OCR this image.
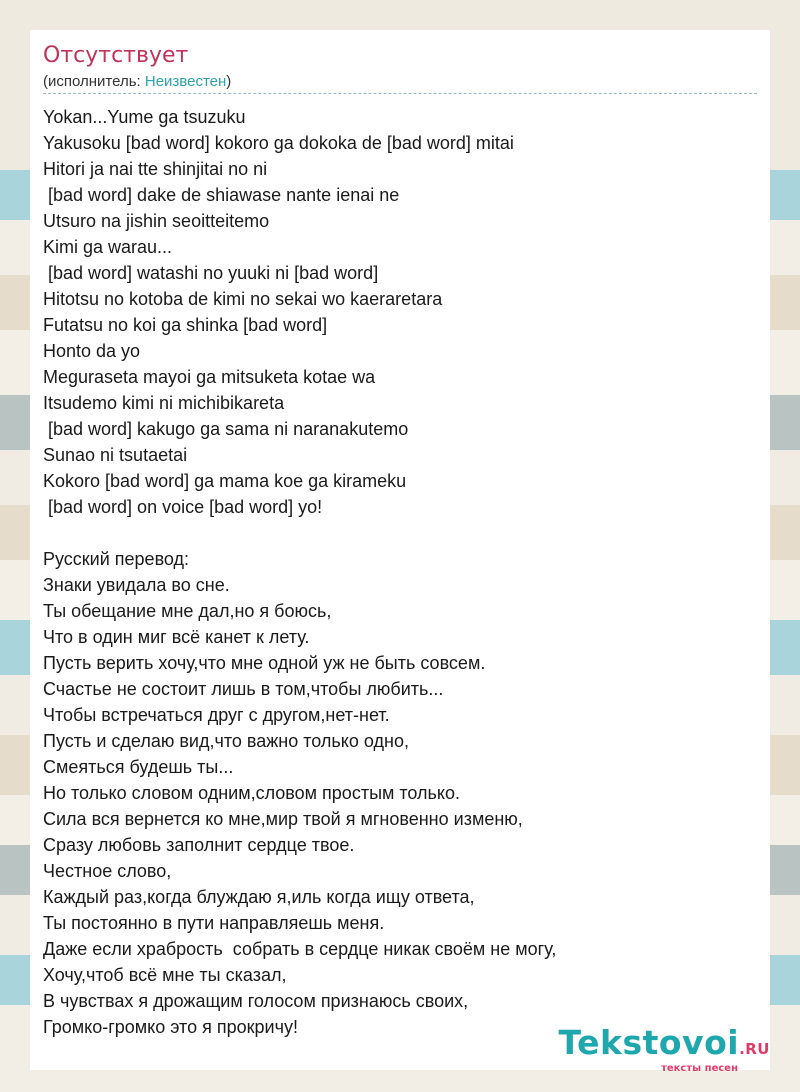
Отсутствует
(исполнитель: Неизвестен)
Yokan...Yume ga tsuzuku
Yakusoku [bad word] kokoro ga dokoka de [bad word] mitai
Hitori ja nai tte shinjitai no ni
[bad word] dake de shiawase nante ienai ne
Utsuro na jishin seoitteitemo
Kimi ga warau...
[bad word] watashi no yuuki ni [bad word]
Hitotsu no kotoba de kimi no sekai wo kaeraretara
Futatsu no koi ga shinka [bad word]
Honto da yo
Meguraseta mayoi ga mitsuketa kotae wa
Itsudemo kimi ni michibikareta
[bad word] kakugo ga sama ni naranakutemo
Sunao ni tsutaetai
Kokoro [bad word] ga mama koe ga kirameku
[bad word] on voice [bad word] yo!
Русский перевод:
Знаки увидала во сне.
Ты обещание мне дал,но я боюсь,
Что в один миг всё канет к лету.
Пусть верить хочу,что мне одной уж не быть совсем.
Счастье не состоит лишь в том,чтобы любить...
Чтобы встречаться друг с другом,нет-нет.
Пусть и сделаю вид,что важно только одно,
Смеяться будешь ты...
Но только словом одним,словом простым только.
Сила вся вернется ко мне,мир твой я мгновенно изменю,
Сразу любовь заполнит сердце твое.
Честное слово,
Каждый раз,когда блуждаю я,иль когда ищу ответа,
Ты постоянно в пути направляешь меня.
Даже если храбрость  собрать в сердце никак своём не могу,
Хочу,чтоб всё мне ты сказал,
В чувствах я дрожащим голосом признаюсь своих,
Громко-громко это я прокричу!	Tekstovoi.RU
тексты песен
